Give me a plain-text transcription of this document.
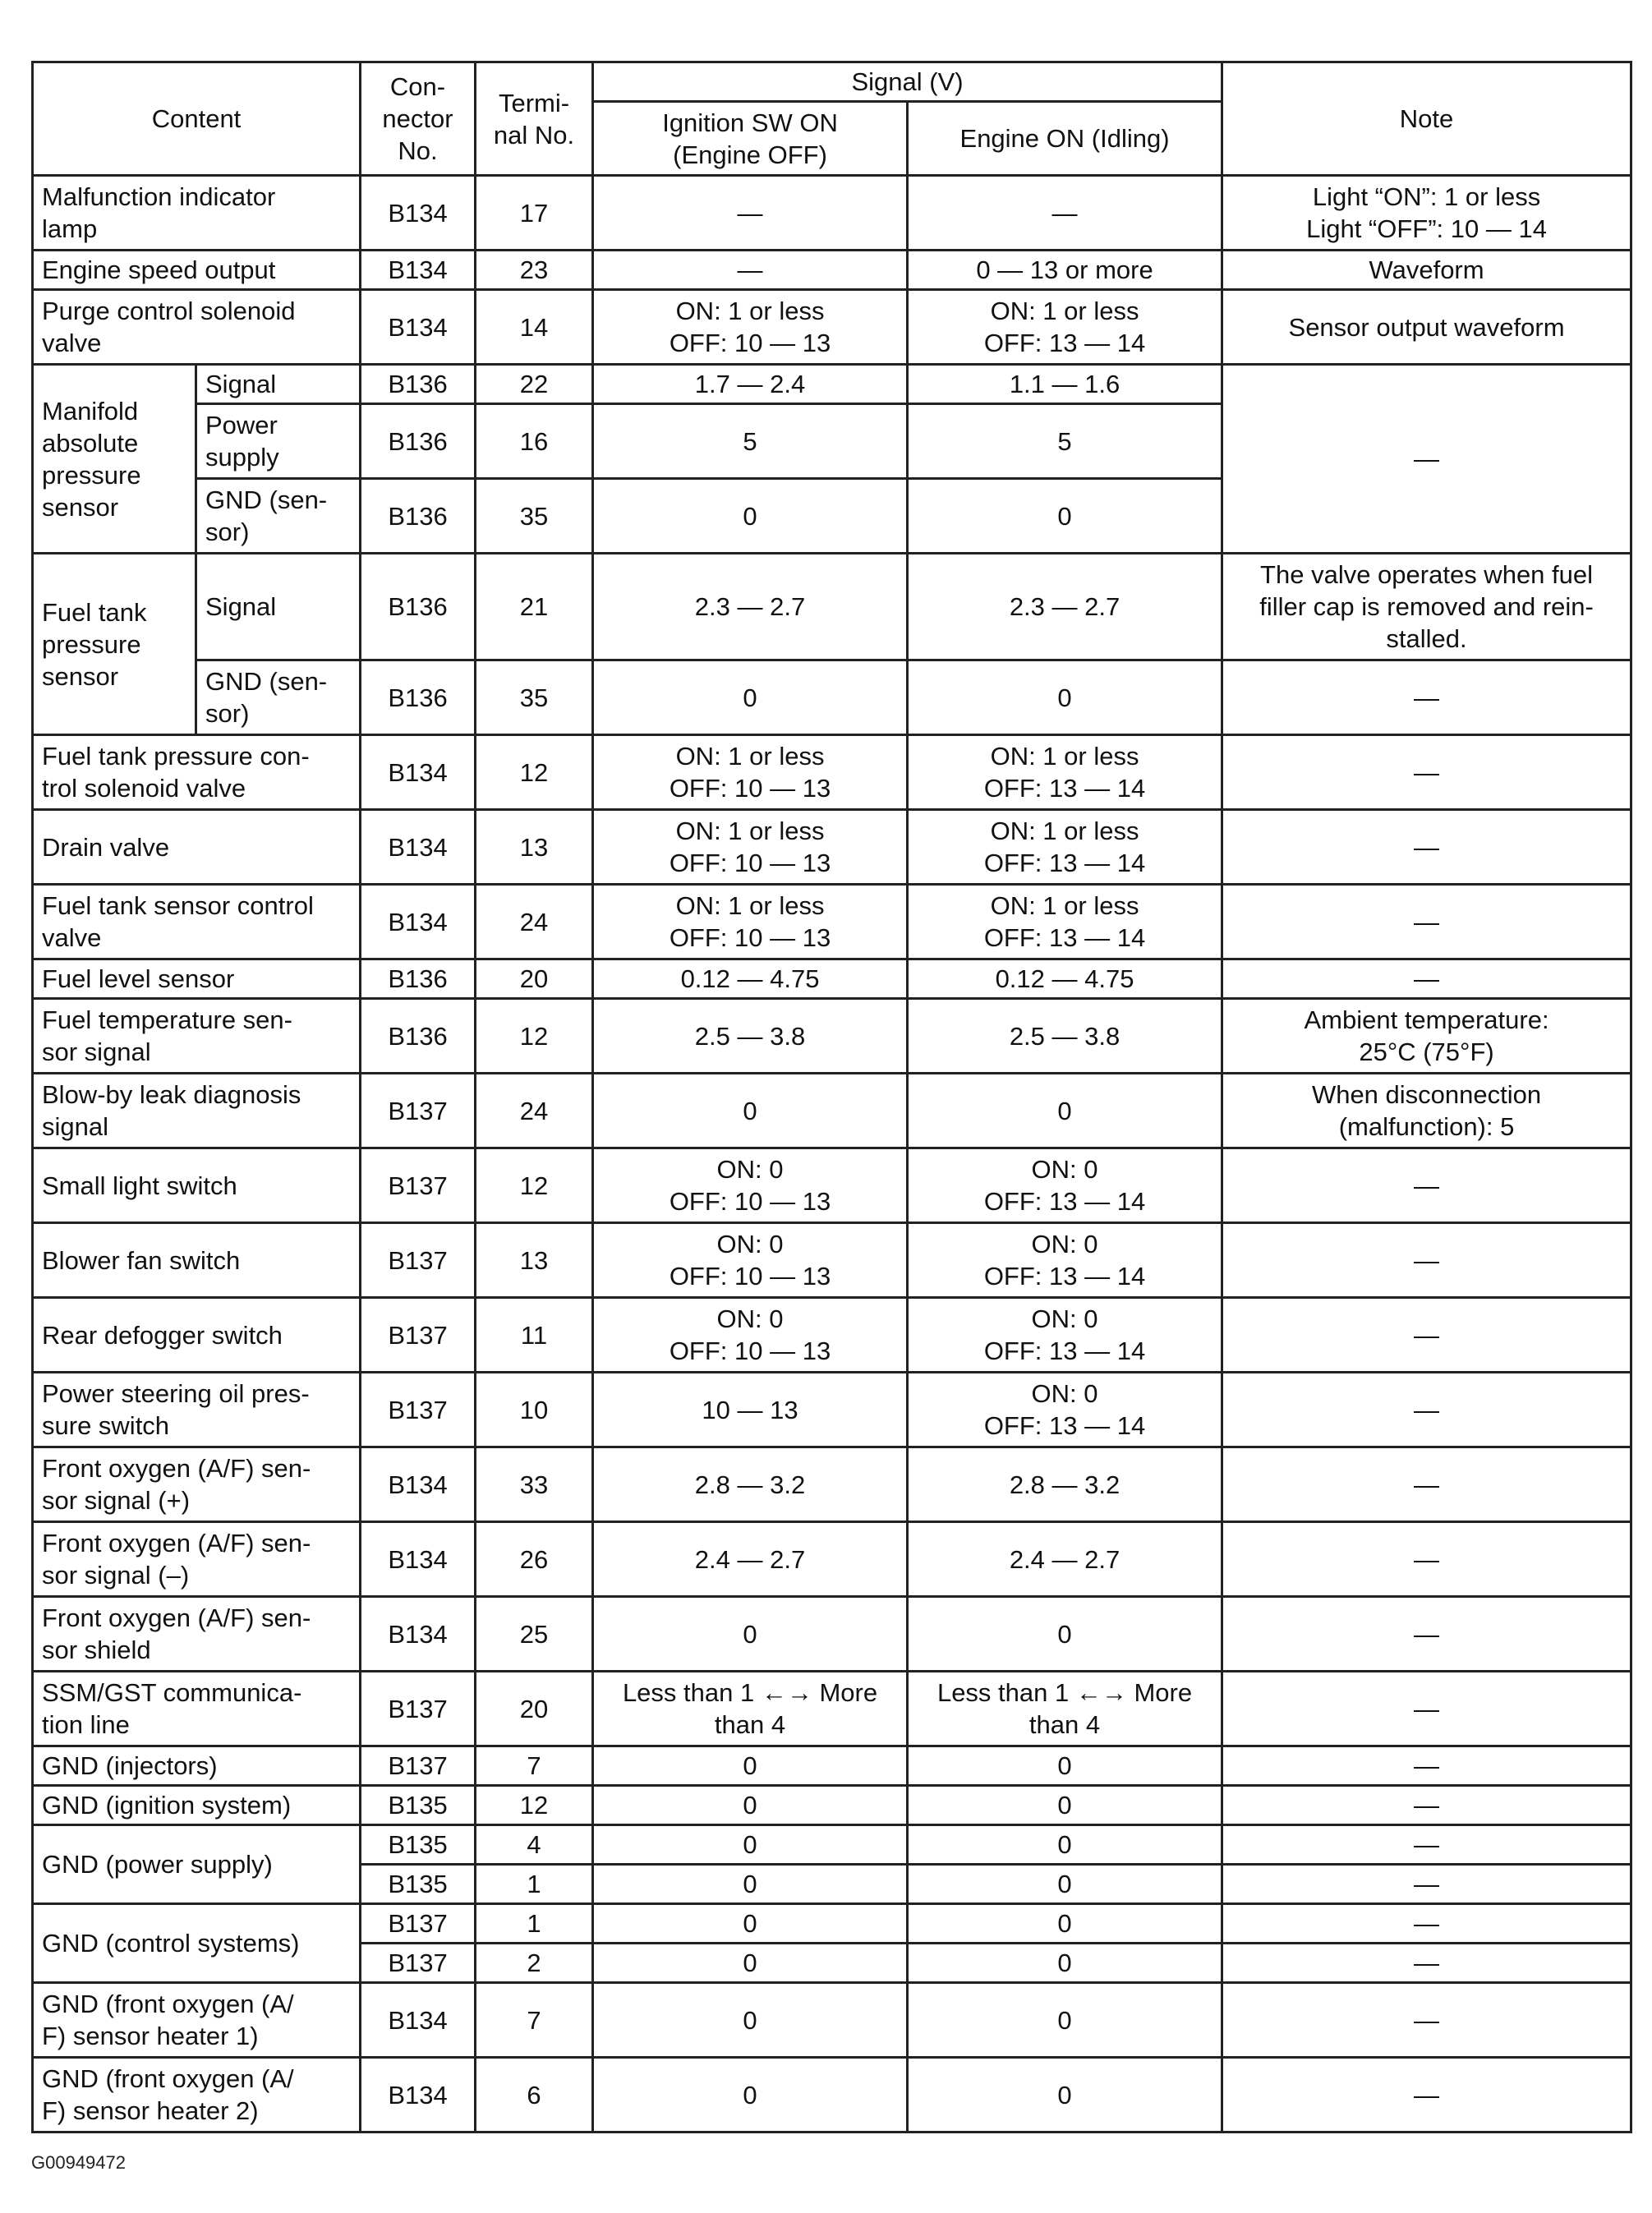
Content		Con-
nector
No.	Termi-
nal No.	Signal (V)		Note
				Ignition SW ON
(Engine OFF)	Engine ON (Idling)	
Malfunction indicator
lamp		B134	17	—	—	Light “ON”: 1 or less
Light “OFF”: 10 — 14
Engine speed output		B134	23	—	0 — 13 or more	Waveform
Purge control solenoid
valve		B134	14	ON: 1 or less
OFF: 10 — 13	ON: 1 or less
OFF: 13 — 14	Sensor output waveform
Manifold
absolute
pressure
sensor	Signal	B136	22	1.7 — 2.4	1.1 — 1.6	—
	Power
supply	B136	16	5	5	
	GND (sen-
sor)	B136	35	0	0	
Fuel tank
pressure
sensor	Signal	B136	21	2.3 — 2.7	2.3 — 2.7	The valve operates when fuel
filler cap is removed and rein-
stalled.
	GND (sen-
sor)	B136	35	0	0	—
Fuel tank pressure con-
trol solenoid valve		B134	12	ON: 1 or less
OFF: 10 — 13	ON: 1 or less
OFF: 13 — 14	—
Drain valve		B134	13	ON: 1 or less
OFF: 10 — 13	ON: 1 or less
OFF: 13 — 14	—
Fuel tank sensor control
valve		B134	24	ON: 1 or less
OFF: 10 — 13	ON: 1 or less
OFF: 13 — 14	—
Fuel level sensor		B136	20	0.12 — 4.75	0.12 — 4.75	—
Fuel temperature sen-
sor signal		B136	12	2.5 — 3.8	2.5 — 3.8	Ambient temperature:
25°C (75°F)
Blow-by leak diagnosis
signal		B137	24	0	0	When disconnection
(malfunction): 5
Small light switch		B137	12	ON: 0
OFF: 10 — 13	ON: 0
OFF: 13 — 14	—
Blower fan switch		B137	13	ON: 0
OFF: 10 — 13	ON: 0
OFF: 13 — 14	—
Rear defogger switch		B137	11	ON: 0
OFF: 10 — 13	ON: 0
OFF: 13 — 14	—
Power steering oil pres-
sure switch		B137	10	10 — 13	ON: 0
OFF: 13 — 14	—
Front oxygen (A/F) sen-
sor signal (+)		B134	33	2.8 — 3.2	2.8 — 3.2	—
Front oxygen (A/F) sen-
sor signal (–)		B134	26	2.4 — 2.7	2.4 — 2.7	—
Front oxygen (A/F) sen-
sor shield		B134	25	0	0	—
SSM/GST communica-
tion line		B137	20	Less than 1 ←→ More
than 4	Less than 1 ←→ More
than 4	—
GND (injectors)		B137	7	0	0	—
GND (ignition system)		B135	12	0	0	—
GND (power supply)		B135	4	0	0	—
		B135	1	0	0	—
GND (control systems)		B137	1	0	0	—
		B137	2	0	0	—
GND (front oxygen (A/
F) sensor heater 1)		B134	7	0	0	—
GND (front oxygen (A/
F) sensor heater 2)		B134	6	0	0	—
G00949472
